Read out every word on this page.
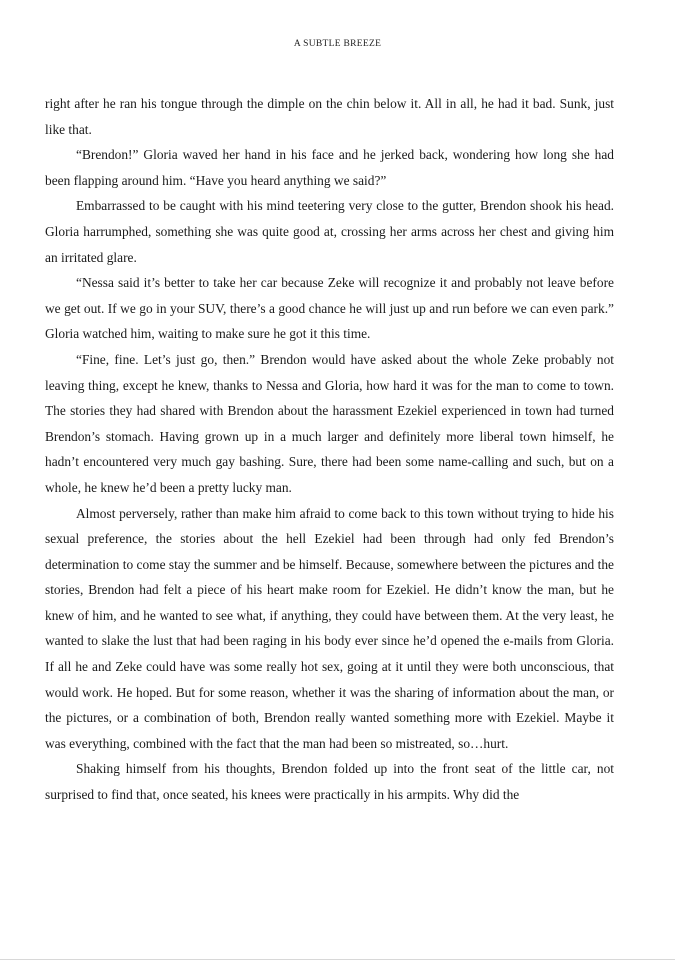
A SUBTLE BREEZE

right after he ran his tongue through the dimple on the chin below it. All in all, he had it bad. Sunk, just like that.

“Brendon!” Gloria waved her hand in his face and he jerked back, wondering how long she had been flapping around him. “Have you heard anything we said?”

Embarrassed to be caught with his mind teetering very close to the gutter, Brendon shook his head. Gloria harrumphed, something she was quite good at, crossing her arms across her chest and giving him an irritated glare.

“Nessa said it’s better to take her car because Zeke will recognize it and probably not leave before we get out. If we go in your SUV, there’s a good chance he will just up and run before we can even park.” Gloria watched him, waiting to make sure he got it this time.

“Fine, fine. Let’s just go, then.” Brendon would have asked about the whole Zeke probably not leaving thing, except he knew, thanks to Nessa and Gloria, how hard it was for the man to come to town. The stories they had shared with Brendon about the harassment Ezekiel experienced in town had turned Brendon’s stomach. Having grown up in a much larger and definitely more liberal town himself, he hadn’t encountered very much gay bashing. Sure, there had been some name-calling and such, but on a whole, he knew he’d been a pretty lucky man.

Almost perversely, rather than make him afraid to come back to this town without trying to hide his sexual preference, the stories about the hell Ezekiel had been through had only fed Brendon’s determination to come stay the summer and be himself. Because, somewhere between the pictures and the stories, Brendon had felt a piece of his heart make room for Ezekiel. He didn’t know the man, but he knew of him, and he wanted to see what, if anything, they could have between them. At the very least, he wanted to slake the lust that had been raging in his body ever since he’d opened the e-mails from Gloria. If all he and Zeke could have was some really hot sex, going at it until they were both unconscious, that would work. He hoped. But for some reason, whether it was the sharing of information about the man, or the pictures, or a combination of both, Brendon really wanted something more with Ezekiel. Maybe it was everything, combined with the fact that the man had been so mistreated, so…hurt.

Shaking himself from his thoughts, Brendon folded up into the front seat of the little car, not surprised to find that, once seated, his knees were practically in his armpits. Why did the
